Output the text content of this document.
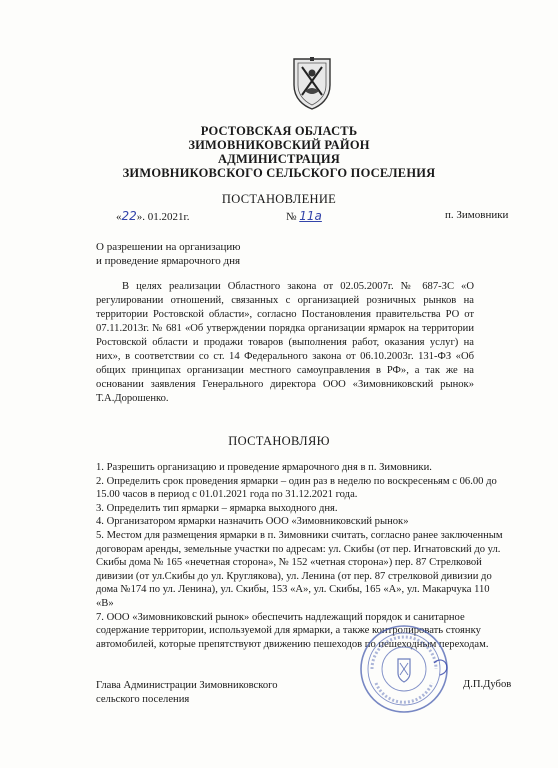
РОСТОВСКАЯ ОБЛАСТЬ
ЗИМОВНИКОВСКИЙ РАЙОН
АДМИНИСТРАЦИЯ
ЗИМОВНИКОВСКОГО СЕЛЬСКОГО ПОСЕЛЕНИЯ
ПОСТАНОВЛЕНИЕ
«22». 01.2021г.	№ 11а	п. Зимовники
О разрешении на организацию
и проведение ярмарочного дня
В целях реализации Областного закона от 02.05.2007г. № 687-ЗС «О регулировании отношений, связанных с организацией розничных рынков на территории Ростовской области», согласно Постановления правительства РО от 07.11.2013г. № 681 «Об утверждении порядка организации ярмарок на территории Ростовской области и продажи товаров (выполнения работ, оказания услуг) на них», в соответствии со ст. 14 Федерального закона от 06.10.2003г. 131-ФЗ «Об общих принципах организации местного самоуправления в РФ», а так же на основании заявления Генерального директора ООО «Зимовниковский рынок» Т.А.Дорошенко.
ПОСТАНОВЛЯЮ

1. Разрешить организацию и проведение ярмарочного дня в п. Зимовники.

2. Определить срок проведения ярмарки – один раз в неделю по воскресеньям с 06.00 до 15.00 часов в период с 01.01.2021 года по 31.12.2021 года.

3. Определить тип ярмарки – ярмарка выходного дня.

4. Организатором ярмарки назначить ООО «Зимовниковский рынок»

5. Местом для размещения ярмарки в п. Зимовники считать, согласно ранее заключенным договорам аренды, земельные участки по адресам: ул. Скибы (от пер. Игнатовский до ул. Скибы дома № 165 «нечетная сторона», № 152 «четная сторона») пер. 87 Стрелковой дивизии (от ул.Скибы до ул. Круглякова), ул. Ленина (от пер. 87 стрелковой дивизии до дома №174 по ул. Ленина), ул. Скибы, 153 «А», ул. Скибы, 165 «А», ул. Макарчука 110 «В»

7. ООО «Зимовниковский рынок» обеспечить надлежащий порядок и санитарное содержание территории, используемой для ярмарки, а также контролировать стоянку автомобилей, которые препятствуют движению пешеходов по пешеходным переходам.

Глава Администрации Зимовниковского

сельского поселения

Д.П.Дубов
